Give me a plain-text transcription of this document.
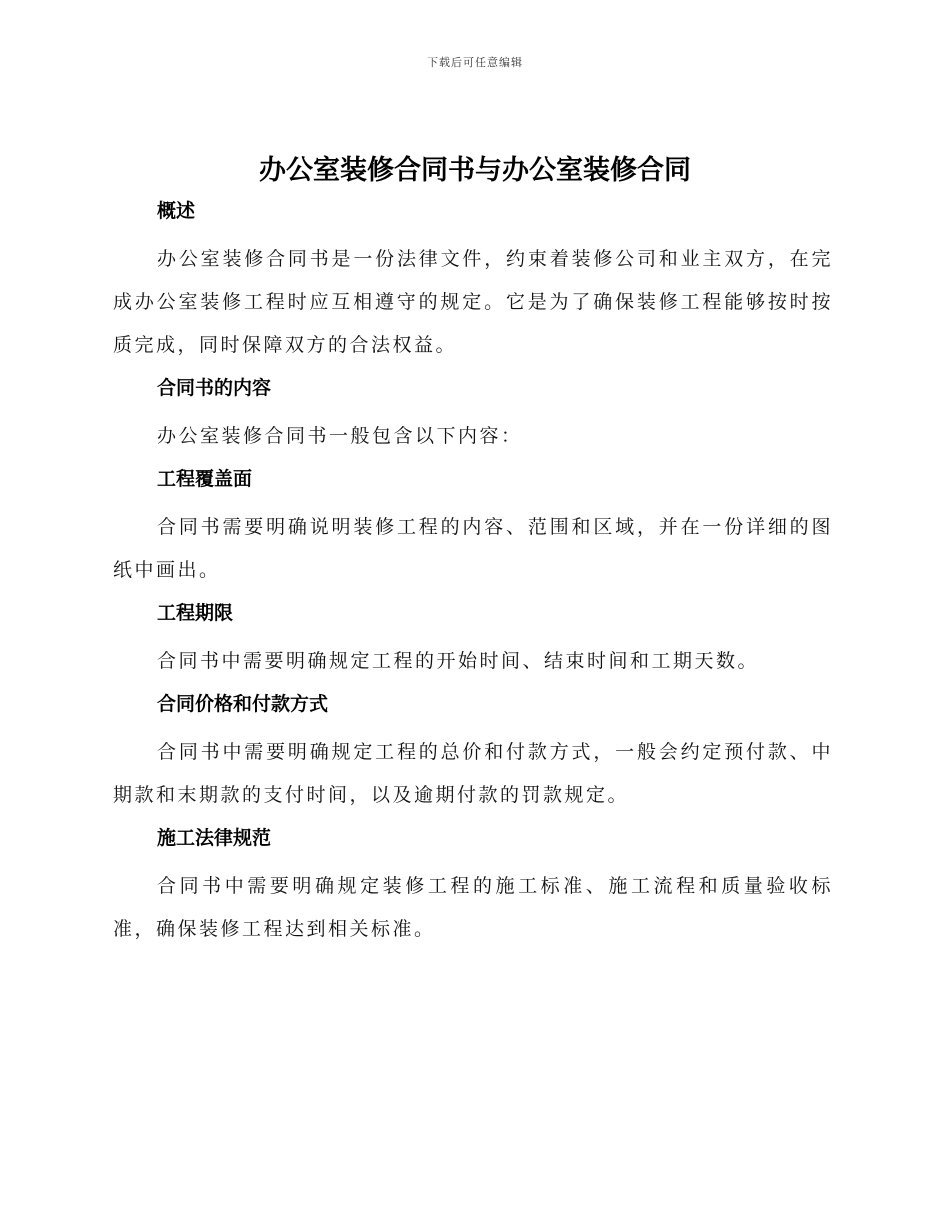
下载后可任意编辑
办公室装修合同书与办公室装修合同
概述

办公室装修合同书是一份法律文件，约束着装修公司和业主双方，在完成办公室装修工程时应互相遵守的规定。它是为了确保装修工程能够按时按质完成，同时保障双方的合法权益。

合同书的内容

办公室装修合同书一般包含以下内容：

工程覆盖面

合同书需要明确说明装修工程的内容、范围和区域，并在一份详细的图纸中画出。

工程期限

合同书中需要明确规定工程的开始时间、结束时间和工期天数。

合同价格和付款方式

合同书中需要明确规定工程的总价和付款方式，一般会约定预付款、中期款和末期款的支付时间，以及逾期付款的罚款规定。

施工法律规范

合同书中需要明确规定装修工程的施工标准、施工流程和质量验收标准，确保装修工程达到相关标准。
